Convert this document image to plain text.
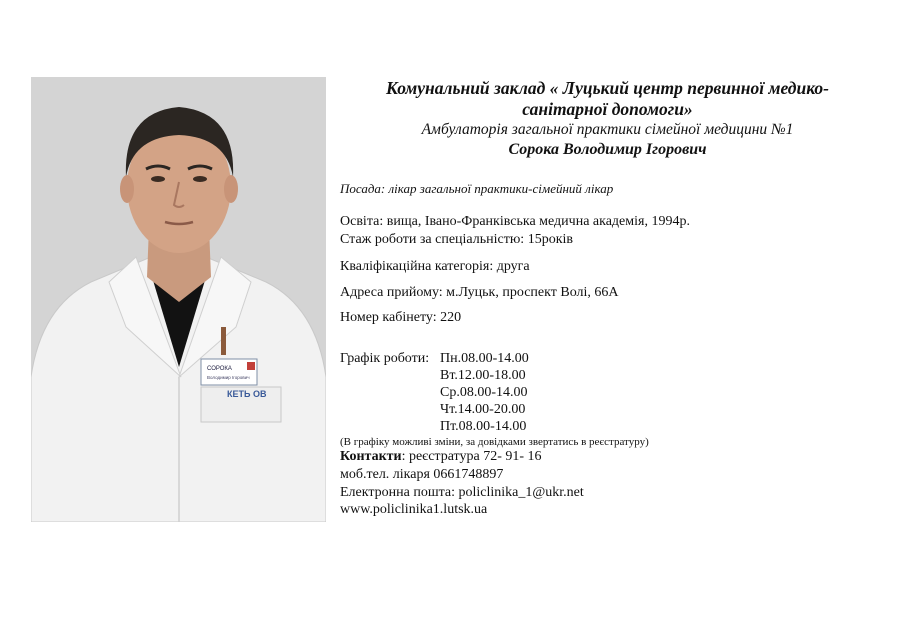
СОРОКА
Володимир Ігорович
КЕТЬ ОВ
Комунальний заклад « Луцький центр первинної медико-
санітарної допомоги»
Амбулаторія загальної практики сімейної медицини №1
Сорока Володимир Ігорович
Посада: лікар загальної практики-сімейний лікар
Освіта: вища, Івано-Франківська медична академія, 1994р.
Стаж роботи за спеціальністю: 15років
Кваліфікаційна категорія: друга
Адреса прийому: м.Луцьк, проспект Волі, 66А
Номер кабінету: 220
Графік роботи: Пн.08.00-14.00
Вт.12.00-18.00
Ср.08.00-14.00
Чт.14.00-20.00
Пт.08.00-14.00
(В графіку можливі зміни, за довідками звертатись в реєстратуру)
Контакти: реєстратура 72- 91- 16
моб.тел. лікаря 0661748897
Електронна пошта: policlinika_1@ukr.net
www.policlinika1.lutsk.ua
